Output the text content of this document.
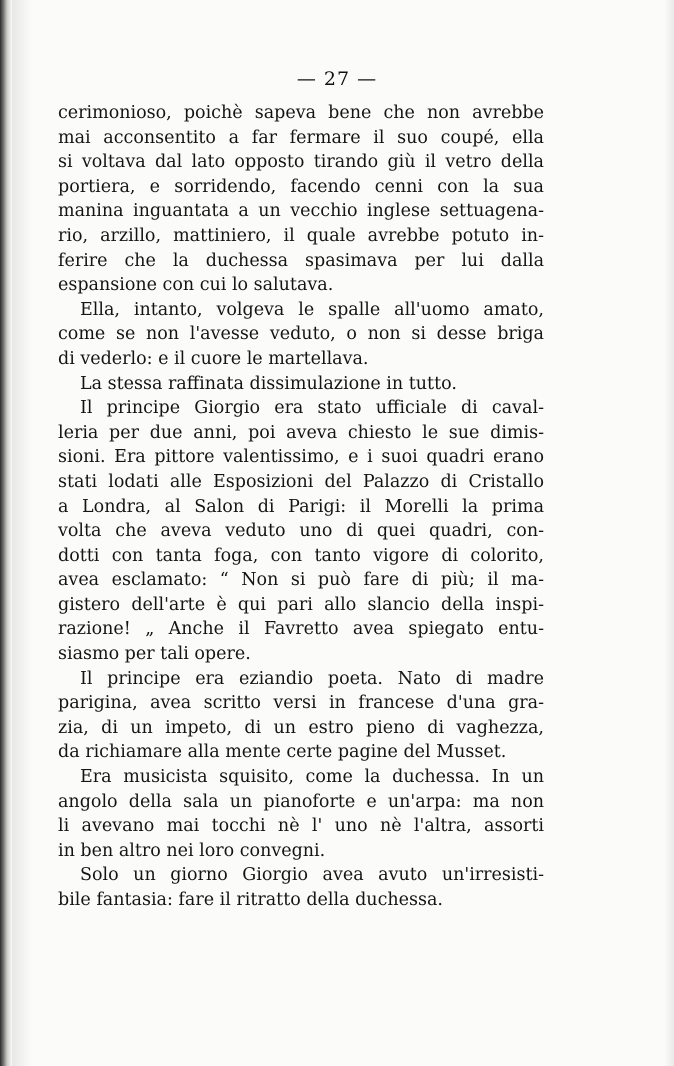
— 27 —
cerimonioso, poichè sapeva bene che non avrebbe
mai acconsentito a far fermare il suo coupé, ella
si voltava dal lato opposto tirando giù il vetro della
portiera, e sorridendo, facendo cenni con la sua
manina inguantata a un vecchio inglese settuagena-
rio, arzillo, mattiniero, il quale avrebbe potuto in-
ferire che la duchessa spasimava per lui dalla
espansione con cui lo salutava.
Ella, intanto, volgeva le spalle all'uomo amato,
come se non l'avesse veduto, o non si desse briga
di vederlo: e il cuore le martellava.
La stessa raffinata dissimulazione in tutto.
Il principe Giorgio era stato ufficiale di caval-
leria per due anni, poi aveva chiesto le sue dimis-
sioni. Era pittore valentissimo, e i suoi quadri erano
stati lodati alle Esposizioni del Palazzo di Cristallo
a Londra, al Salon di Parigi: il Morelli la prima
volta che aveva veduto uno di quei quadri, con-
dotti con tanta foga, con tanto vigore di colorito,
avea esclamato: “ Non si può fare di più; il ma-
gistero dell'arte è qui pari allo slancio della inspi-
razione! „ Anche il Favretto avea spiegato entu-
siasmo per tali opere.
Il principe era eziandio poeta. Nato di madre
parigina, avea scritto versi in francese d'una gra-
zia, di un impeto, di un estro pieno di vaghezza,
da richiamare alla mente certe pagine del Musset.
Era musicista squisito, come la duchessa. In un
angolo della sala un pianoforte e un'arpa: ma non
li avevano mai tocchi nè l' uno nè l'altra, assorti
in ben altro nei loro convegni.
Solo un giorno Giorgio avea avuto un'irresisti-
bile fantasia: fare il ritratto della duchessa.
